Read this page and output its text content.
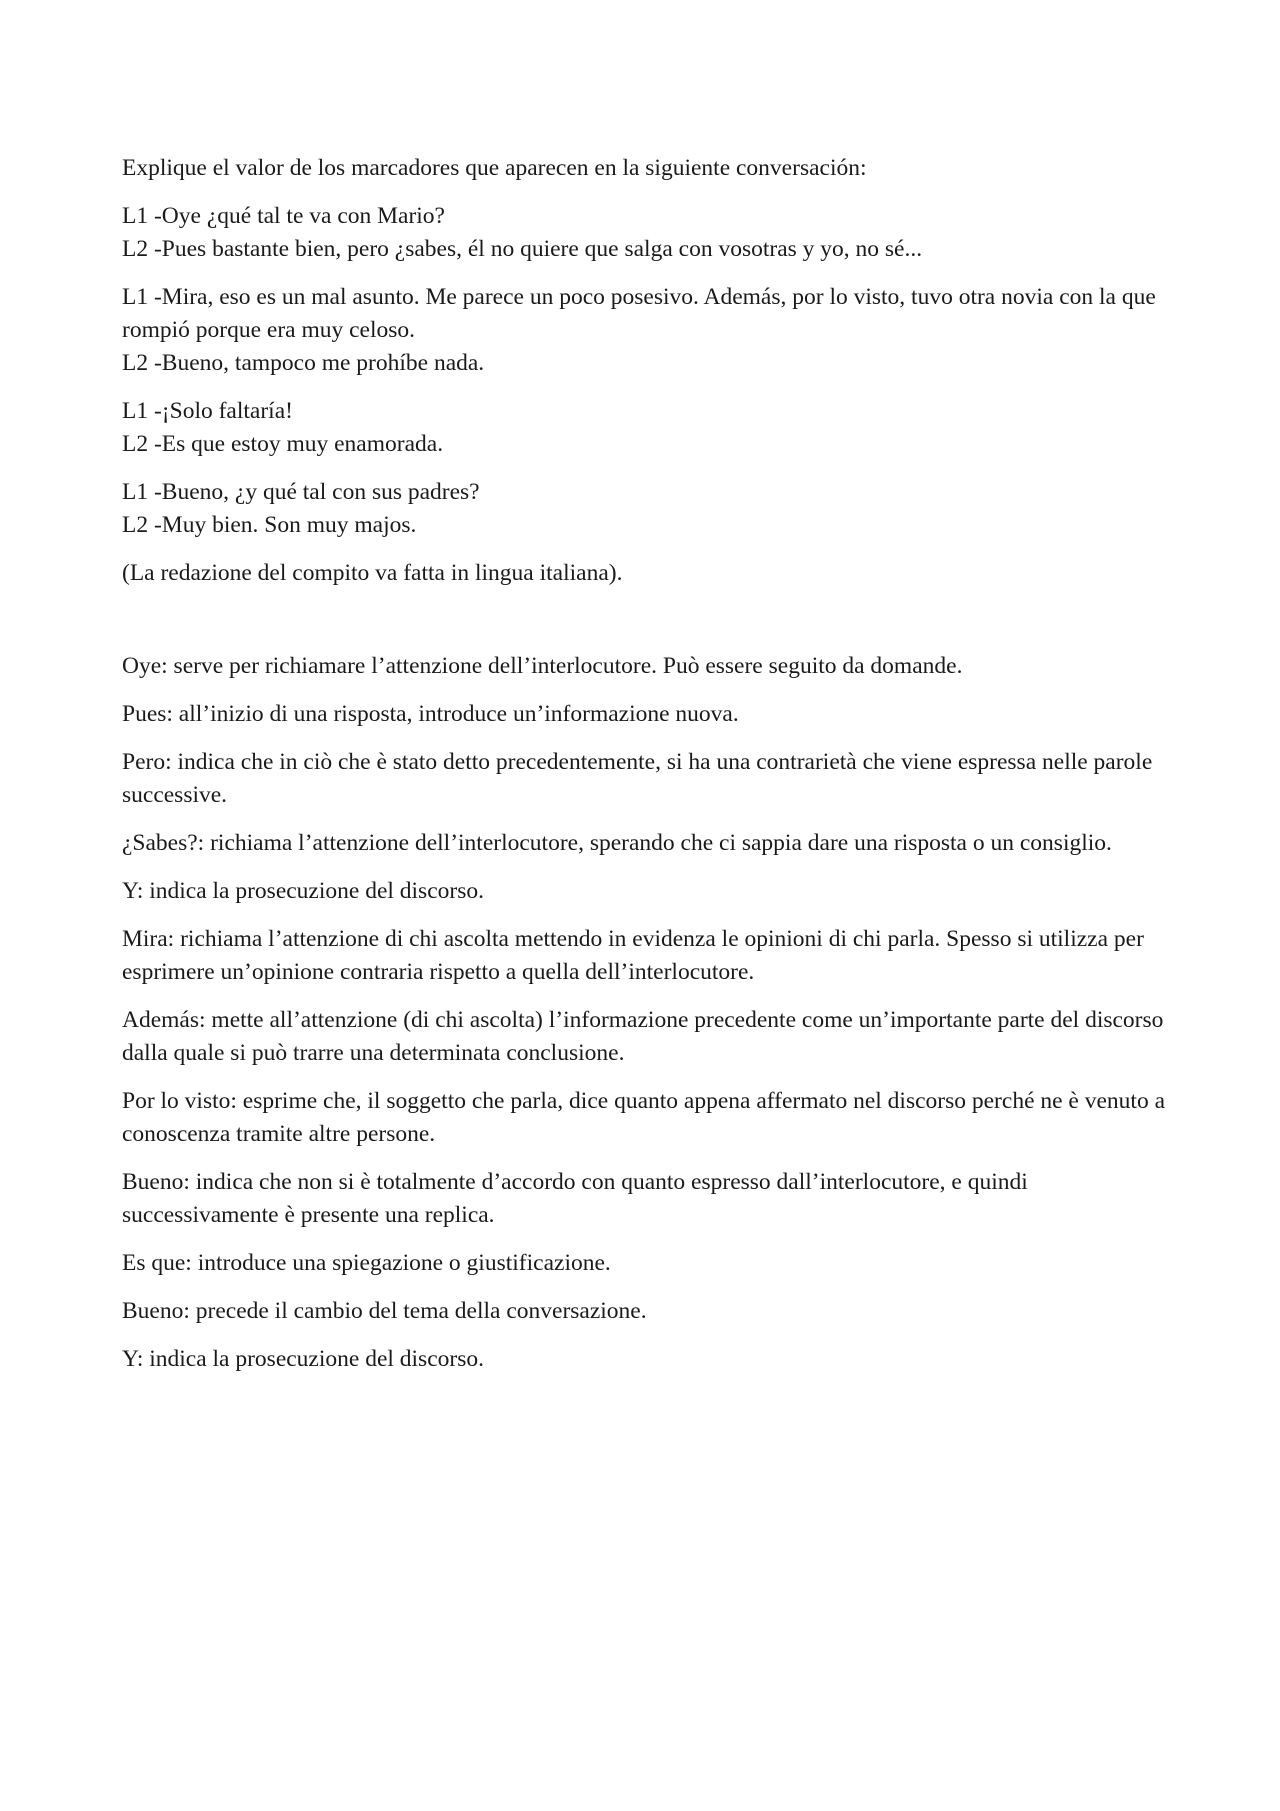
Explique el valor de los marcadores que aparecen en la siguiente conversación:

L1 -Oye ¿qué tal te va con Mario?
L2 -Pues bastante bien, pero ¿sabes, él no quiere que salga con vosotras y yo, no sé...

L1 -Mira, eso es un mal asunto. Me parece un poco posesivo. Además, por lo visto, tuvo otra novia con la que rompió porque era muy celoso.
L2 -Bueno, tampoco me prohíbe nada.

L1 -¡Solo faltaría!
L2 -Es que estoy muy enamorada.

L1 -Bueno, ¿y qué tal con sus padres?
L2 -Muy bien. Son muy majos.

(La redazione del compito va fatta in lingua italiana).

Oye: serve per richiamare l’attenzione dell’interlocutore. Può essere seguito da domande.

Pues: all’inizio di una risposta, introduce un’informazione nuova.

Pero: indica che in ciò che è stato detto precedentemente, si ha una contrarietà che viene espressa nelle parole successive.

¿Sabes?: richiama l’attenzione dell’interlocutore, sperando che ci sappia dare una risposta o un consiglio.

Y: indica la prosecuzione del discorso.

Mira: richiama l’attenzione di chi ascolta mettendo in evidenza le opinioni di chi parla. Spesso si utilizza per esprimere un’opinione contraria rispetto a quella dell’interlocutore.

Además: mette all’attenzione (di chi ascolta) l’informazione precedente come un’importante parte del discorso dalla quale si può trarre una determinata conclusione.

Por lo visto: esprime che, il soggetto che parla, dice quanto appena affermato nel discorso perché ne è venuto a conoscenza tramite altre persone.

Bueno: indica che non si è totalmente d’accordo con quanto espresso dall’interlocutore, e quindi successivamente è presente una replica.

Es que: introduce una spiegazione o giustificazione.

Bueno: precede il cambio del tema della conversazione.

Y: indica la prosecuzione del discorso.
